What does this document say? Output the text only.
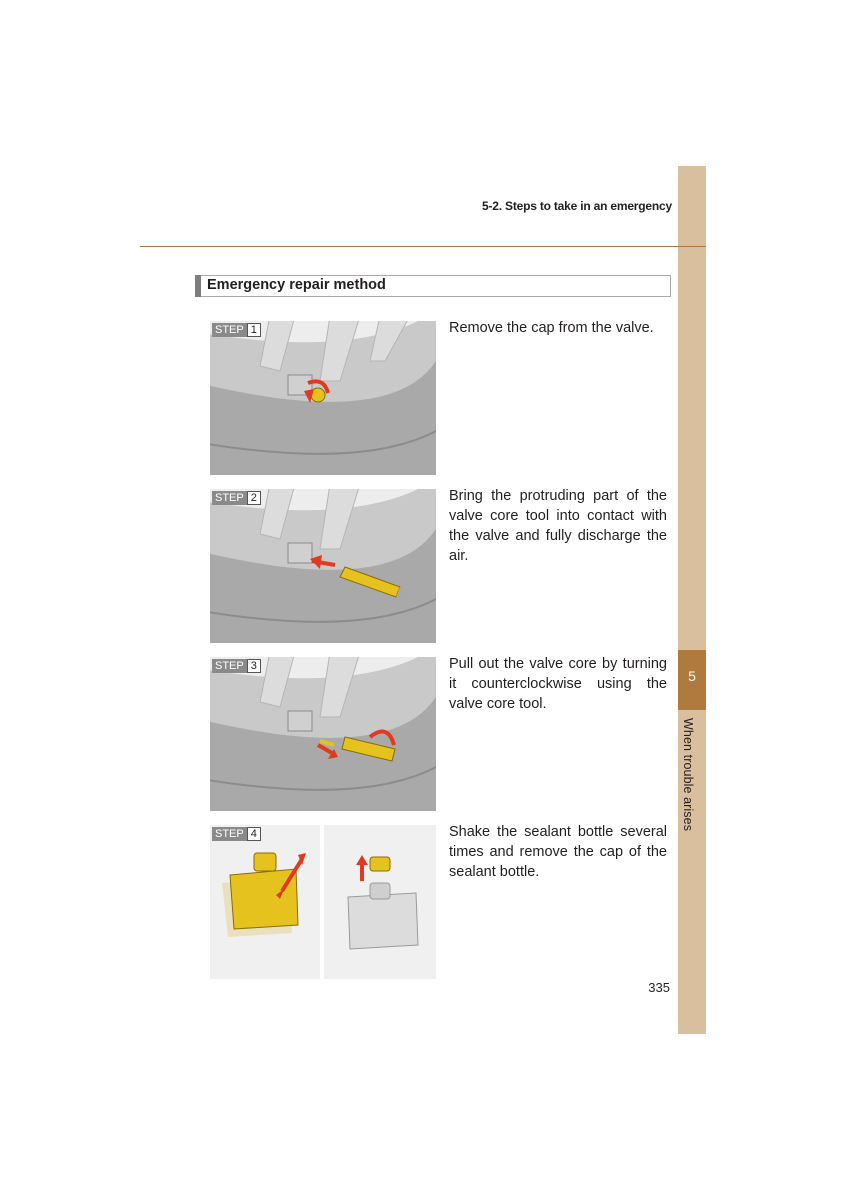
5
When trouble arises
5-2. Steps to take in an emergency
Emergency repair method
STEP 1	Remove the cap from the valve.
STEP 2	Bring the protruding part of the valve core tool into contact with the valve and fully discharge the air.
STEP 3	Pull out the valve core by turning it counterclockwise using the valve core tool.
STEP 4	Shake the sealant bottle several times and remove the cap of the sealant bottle.
335
